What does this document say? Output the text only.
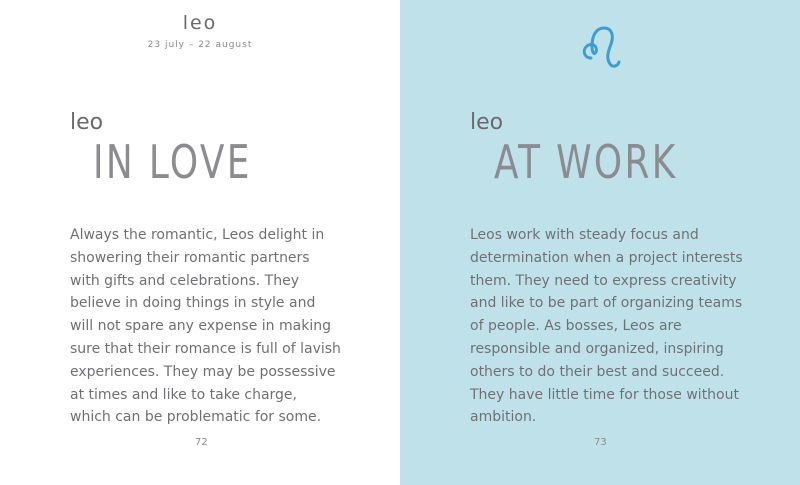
leo
23 july – 22 august
leo
IN LOVE
Always the romantic, Leos delight in showering their romantic partners with gifts and celebrations. They believe in doing things in style and will not spare any expense in making sure that their romance is full of lavish experiences. They may be possessive at times and like to take charge, which can be problematic for some.
72
leo
AT WORK
Leos work with steady focus and determination when a project interests them. They need to express creativity and like to be part of organizing teams of people. As bosses, Leos are responsible and organized, inspiring others to do their best and succeed. They have little time for those without ambition.
73
